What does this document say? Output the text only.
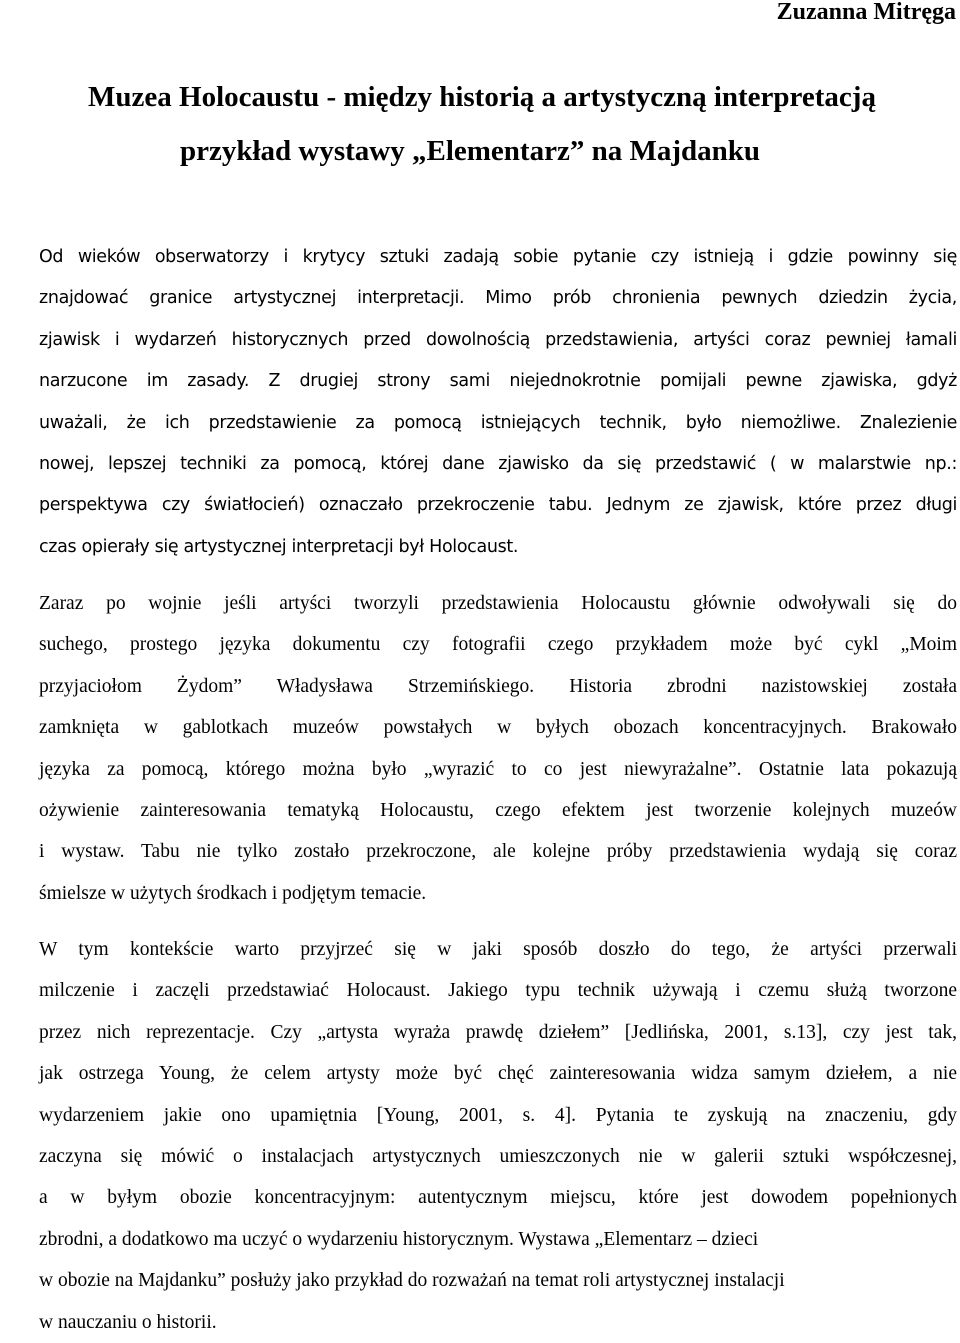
Zuzanna Mitręga

Muzea Holocaustu - między historią a artystyczną interpretacją
przykład wystawy „Elementarz” na Majdanku

Od wieków obserwatorzy i krytycy sztuki zadają sobie pytanie czy istnieją i gdzie powinny się
znajdować granice artystycznej interpretacji. Mimo prób chronienia pewnych dziedzin życia,
zjawisk i wydarzeń historycznych przed dowolnością przedstawienia, artyści coraz pewniej łamali
narzucone im zasady. Z drugiej strony sami niejednokrotnie pomijali pewne zjawiska, gdyż
uważali, że ich przedstawienie za pomocą istniejących technik, było niemożliwe. Znalezienie
nowej, lepszej techniki za pomocą, której dane zjawisko da się przedstawić ( w malarstwie np.:
perspektywa czy światłocień) oznaczało przekroczenie tabu. Jednym ze zjawisk, które przez długi
czas opierały się artystycznej interpretacji był Holocaust.

Zaraz po wojnie jeśli artyści tworzyli przedstawienia Holocaustu głównie odwoływali się do
suchego, prostego języka dokumentu czy fotografii czego przykładem może być cykl „Moim
przyjaciołom Żydom” Władysława Strzemińskiego. Historia zbrodni nazistowskiej została
zamknięta w gablotkach muzeów powstałych w byłych obozach koncentracyjnych. Brakowało
języka za pomocą, którego można było „wyrazić to co jest niewyrażalne”. Ostatnie lata pokazują
ożywienie zainteresowania tematyką Holocaustu, czego efektem jest tworzenie kolejnych muzeów
i wystaw. Tabu nie tylko zostało przekroczone, ale kolejne próby przedstawienia wydają się coraz
śmielsze w użytych środkach i podjętym temacie.

W tym kontekście warto przyjrzeć się w jaki sposób doszło do tego, że artyści przerwali
milczenie i zaczęli przedstawiać Holocaust. Jakiego typu technik używają i czemu służą tworzone
przez nich reprezentacje. Czy „artysta wyraża prawdę dziełem” [Jedlińska, 2001, s.13], czy jest tak,
jak ostrzega Young, że celem artysty może być chęć zainteresowania widza samym dziełem, a nie
wydarzeniem jakie ono upamiętnia [Young, 2001, s. 4]. Pytania te zyskują na znaczeniu, gdy
zaczyna się mówić o instalacjach artystycznych umieszczonych nie w galerii sztuki współczesnej,
a w byłym obozie koncentracyjnym: autentycznym miejscu, które jest dowodem popełnionych
zbrodni, a dodatkowo ma uczyć o wydarzeniu historycznym. Wystawa „Elementarz – dzieci
w obozie na Majdanku” posłuży jako przykład do rozważań na temat roli artystycznej instalacji
w nauczaniu o historii.
